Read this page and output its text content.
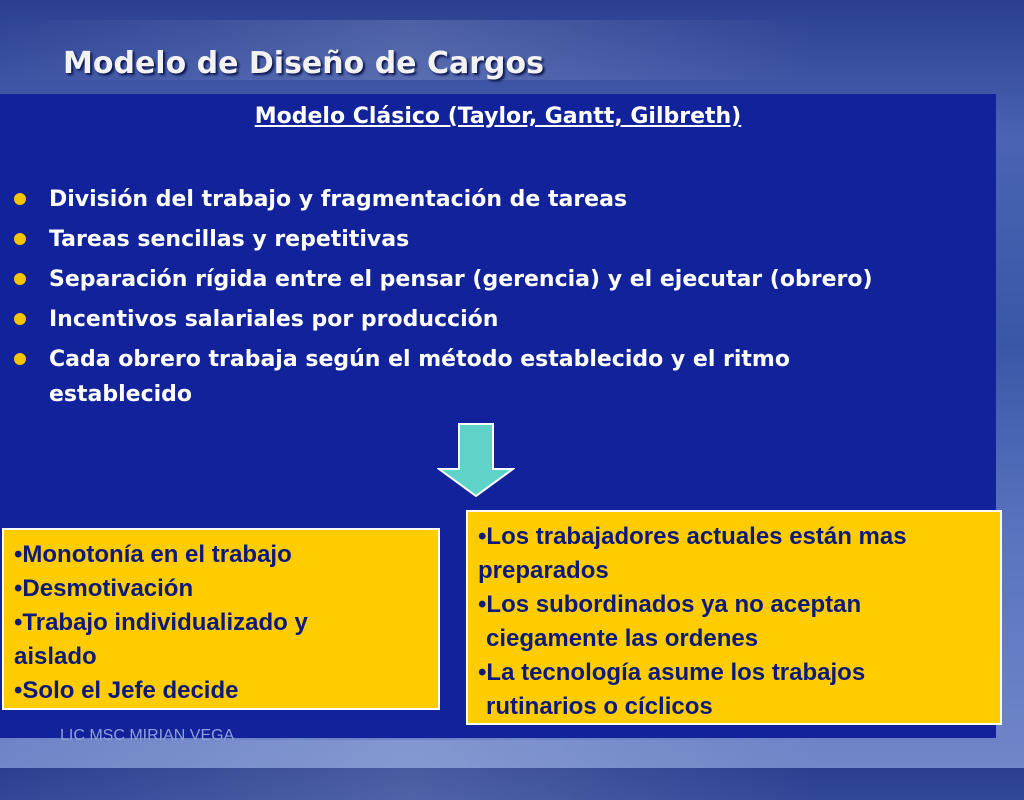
Modelo de Diseño de Cargos
Modelo Clásico (Taylor, Gantt, Gilbreth)
División del trabajo y fragmentación de tareas
Tareas sencillas y repetitivas
Separación rígida entre el pensar (gerencia) y el ejecutar (obrero)
Incentivos salariales por producción
Cada obrero trabaja según el método establecido y el ritmo establecido
•Monotonía en el trabajo
•Desmotivación
•Trabajo individualizado y
aislado
•Solo el Jefe decide
•Los trabajadores actuales están mas
preparados
•Los subordinados ya no aceptan
ciegamente las ordenes
•La tecnología asume los trabajos
rutinarios o cíclicos
LIC MSC MIRIAN VEGA
